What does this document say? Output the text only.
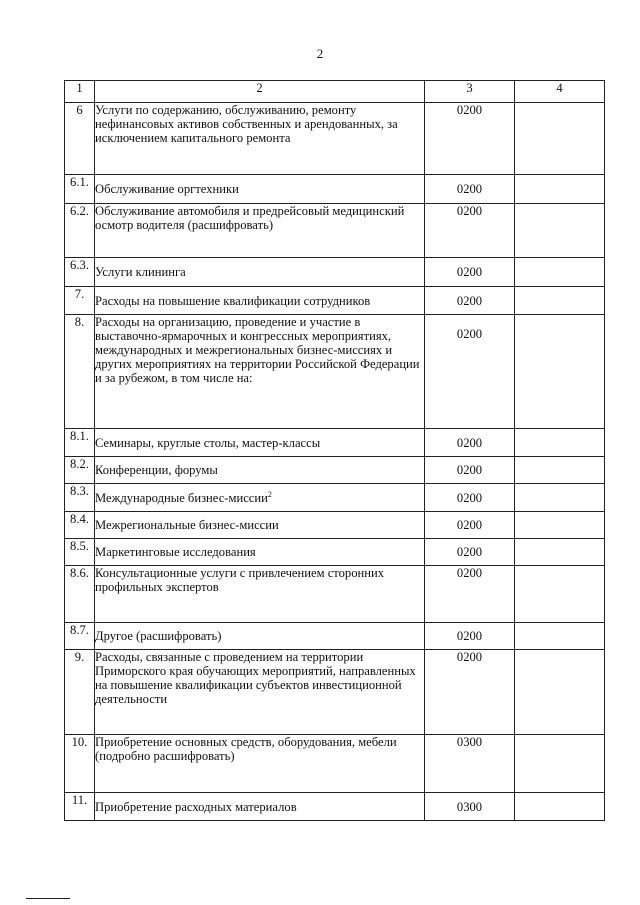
2
1	2	3	4
6	Услуги по содержанию, обслуживанию, ремонту нефинансовых активов собственных и арендованных, за исключением капитального ремонта	0200	
6.1.	Обслуживание оргтехники	0200	
6.2.	Обслуживание автомобиля и предрейсовый медицинский осмотр водителя (расшифровать)	0200	
6.3.	Услуги клининга	0200	
7.	Расходы на повышение квалификации сотрудников	0200	
8.	Расходы на организацию, проведение и участие в выставочно-ярмарочных и конгрессных мероприятиях, международных и межрегиональных бизнес-миссиях и других мероприятиях на территории Российской Федерации и за рубежом, в том числе на:	0200	
8.1.	Семинары, круглые столы, мастер-классы	0200	
8.2.	Конференции, форумы	0200	
8.3.	Международные бизнес-миссии$^2$	0200	
8.4.	Межрегиональные бизнес-миссии	0200	
8.5.	Маркетинговые исследования	0200	
8.6.	Консультационные услуги с привлечением сторонних профильных экспертов	0200	
8.7.	Другое (расшифровать)	0200	
9.	Расходы, связанные с проведением на территории Приморского края обучающих мероприятий, направленных на повышение квалификации субъектов инвестиционной деятельности	0200	
10.	Приобретение основных средств, оборудования, мебели (подробно расшифровать)	0300	
11.	Приобретение расходных материалов	0300	
